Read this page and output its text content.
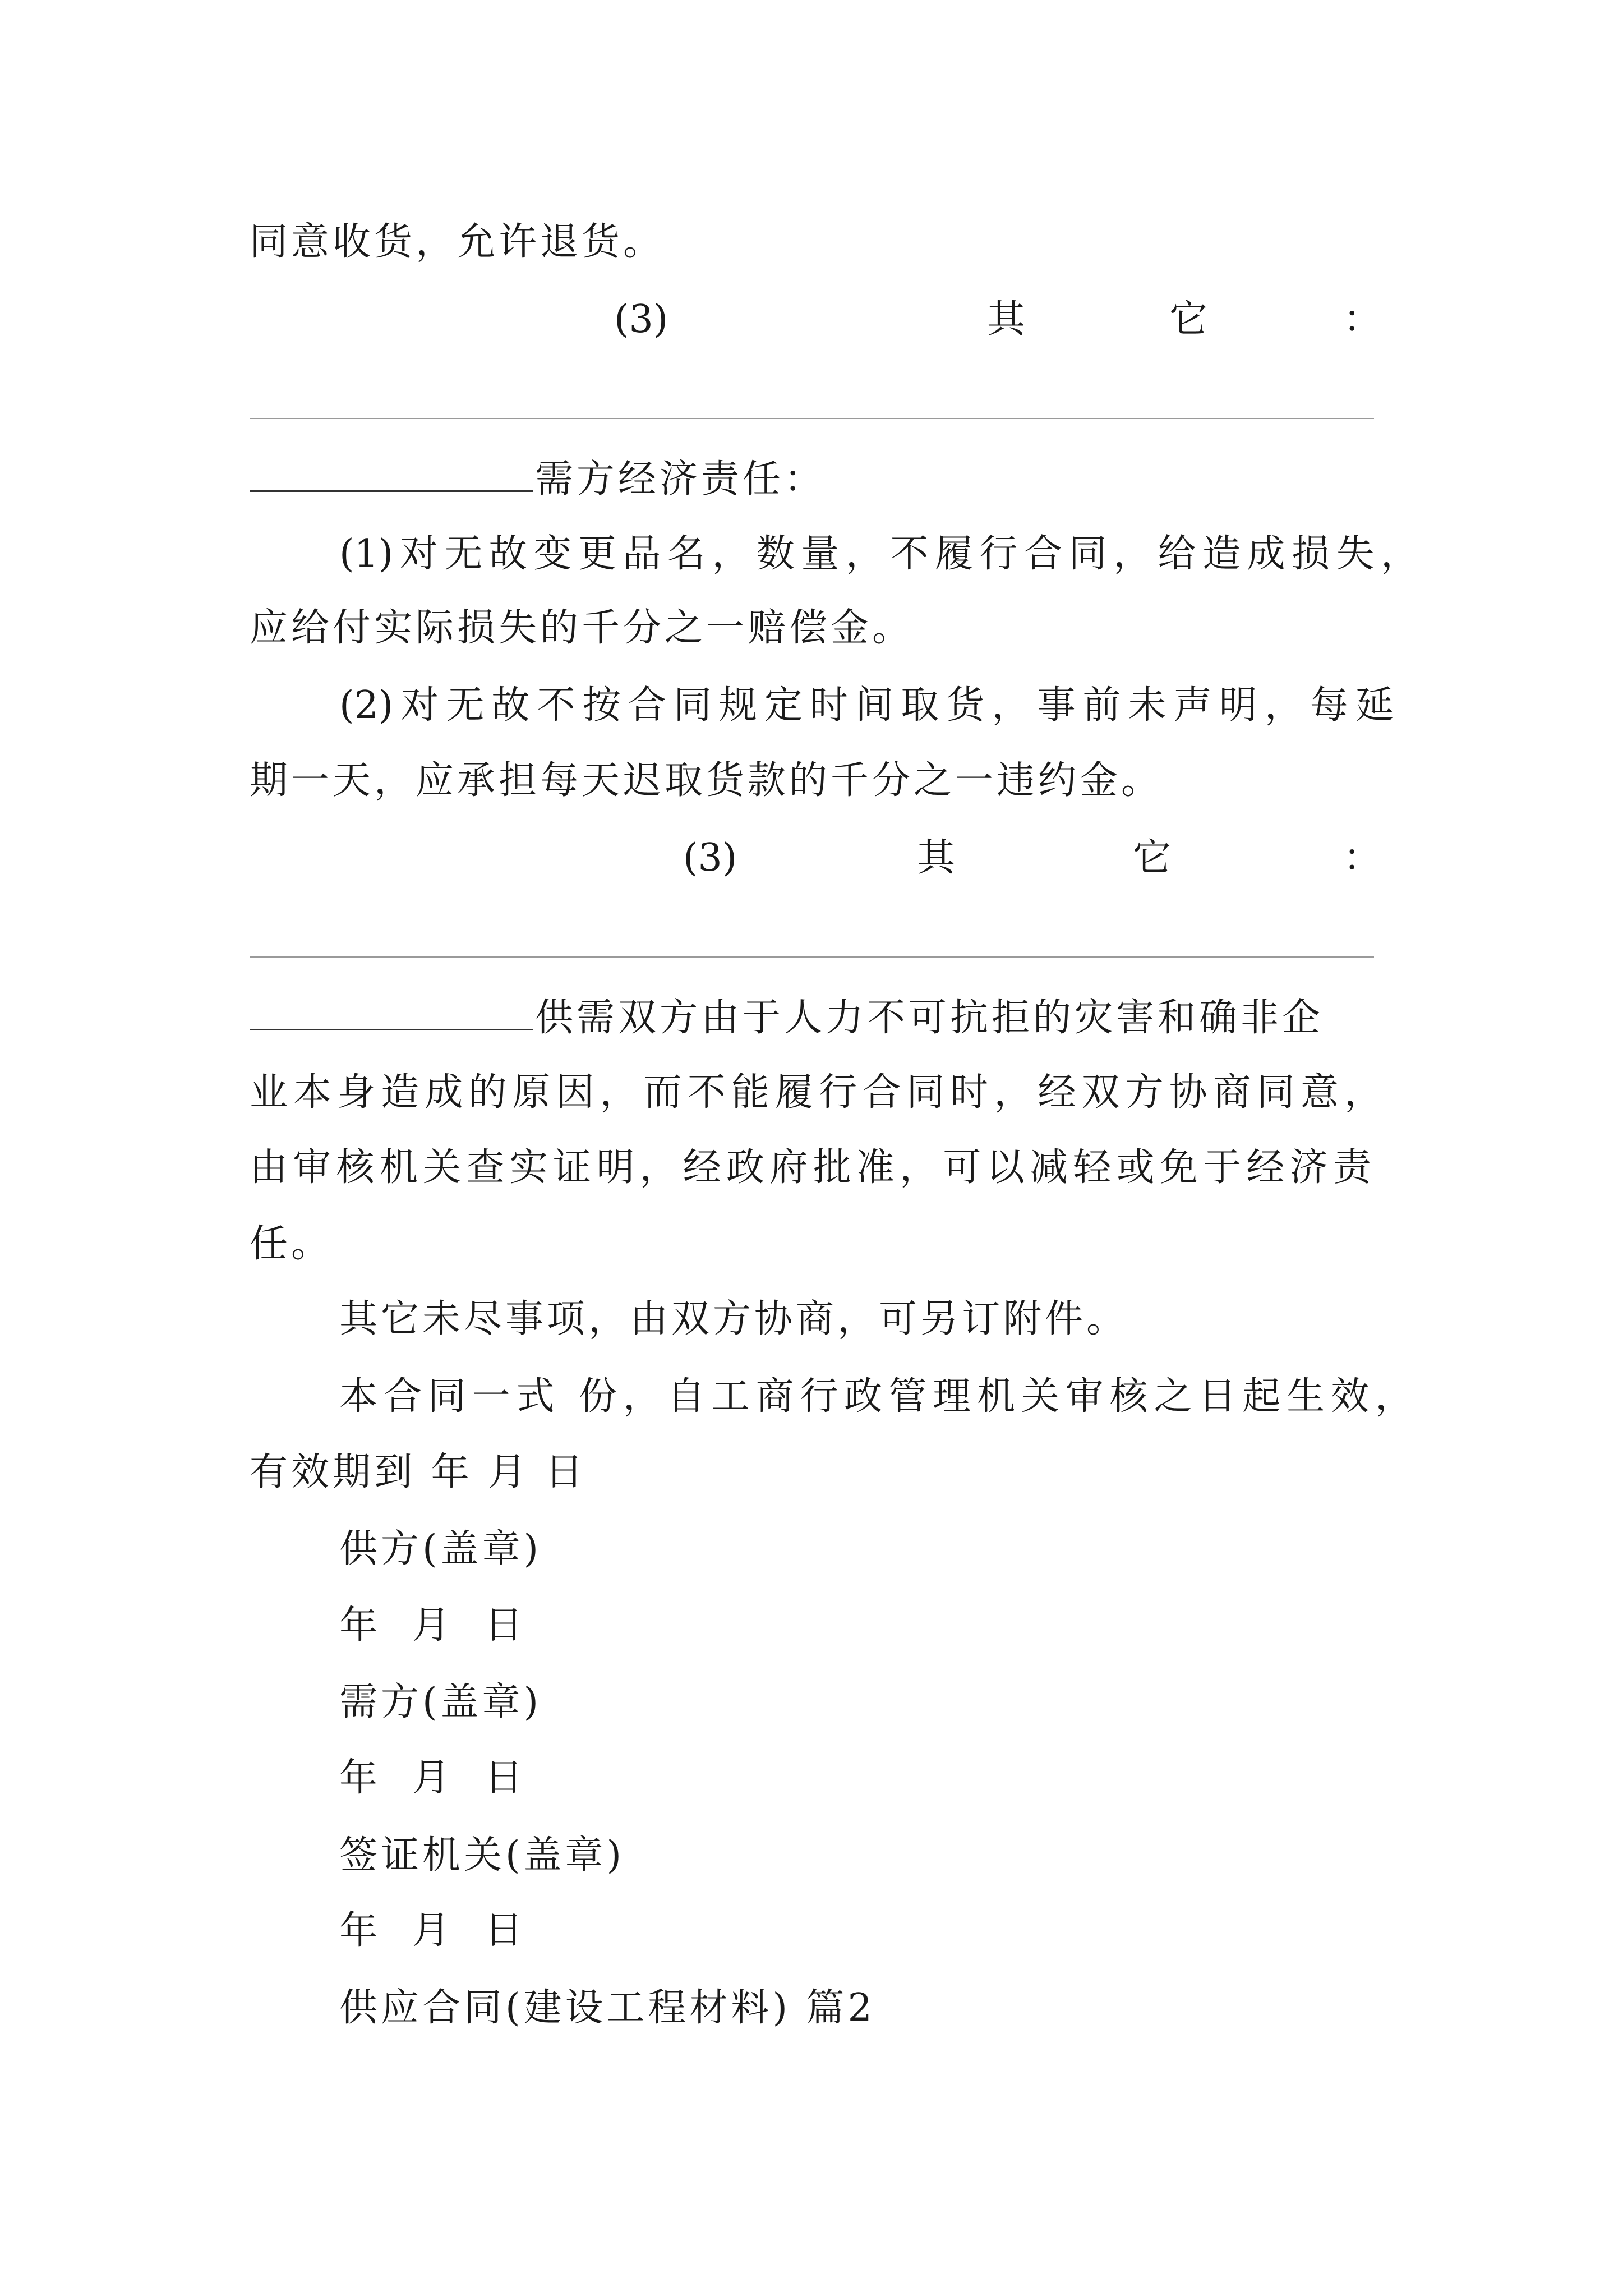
同意收货，允许退货。
(3)	其	它	：
需方经济责任：
(1)对无故变更品名，数量，不履行合同，给造成损失，
应给付实际损失的千分之一赔偿金。
(2)对无故不按合同规定时间取货，事前未声明，每延
期一天，应承担每天迟取货款的千分之一违约金。
(3)	其	它	：
供需双方由于人力不可抗拒的灾害和确非企
业本身造成的原因，而不能履行合同时，经双方协商同意，
由审核机关查实证明，经政府批准，可以减轻或免于经济责
任。
其它未尽事项，由双方协商，可另订附件。
本合同一式 份，自工商行政管理机关审核之日起生效，
有效期到 年 月 日
供方(盖章)
年 月 日
需方(盖章)
年 月 日
签证机关(盖章)
年 月 日
供应合同(建设工程材料) 篇2
